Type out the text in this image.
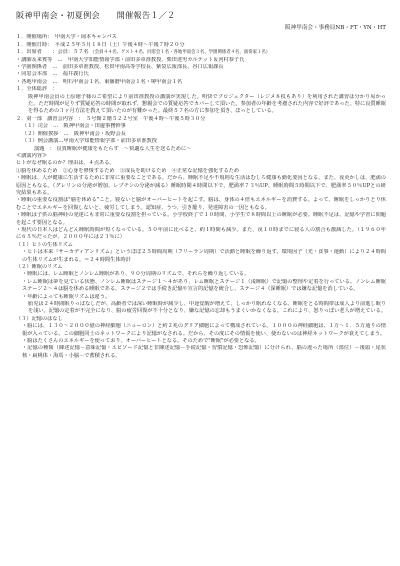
阪神甲南会・初夏例会　　開催報告１／２
阪神甲南会・事務局NB・FT・YN・HT
１．開催場所：　甲南大学・岡本キャンパス
１．開催日時：　平成２５年５月１８日（土）午後４時～午後７時２０分
１．出席者　　：会員：５７名 （会員４４名、ゲスト４名、同窓会１名・各地甲南会３名、学園関係者４名、演奏家１名）
・講師＆来賓等　…　甲南大学知能情報学部・前田多章准教授、柴田達男カルテット＆河村恭子氏
・学園関係者　…　前田多章准教授、松田甲南高等学校長、紫袋広報部長、谷口広報課長
・同窓会本部　…　福井義行氏
・各地甲南会　…　明石甲南会１名、東播磨甲南会１名・堺甲南会１名
１．全体総評　：
阪神甲南会員の上原徳子様のご希望により前田准教授の講演が実現した。明快でプロジェクター（レジメ８枚もあり）を利用された講習は分かり易かった。ただ時間が足りず質疑応答の時間が取れず、懇親会での質疑応答でカバーして頂いた。参加者の年齢を考慮された内容で好評であった。特に良質睡眠を得るための３ヶ月方法を教えて頂いたのが有難かった。最終５７名の方に参加を頂き、ほっとしている。
２．第一部　講習会内容　：　５号館２階５２２号室　午後４時～午後５時３０分
（１）司会　…　阪神甲南会・田邊事務幹事
（２）開催挨拶　…　阪神甲南会・坂野会長
（３）例会講演…甲南大学知能情報学部・前田多章准教授
演題　： 良質睡眠が健康をもたらす　～快適な人生を送るために～
≪講演内容≫
ヒトがなぜ眠るのか？理由は、４点ある。
①脳を休めるため　②心身を修復するため　③成長を助けるため　④正常な記憶を強化するため
・睡眠は、人が健康に生活するために非常に重要なことである。だから、睡眠不足や不規則な生活はむしろ健康も動化要因となる。また、夜更かしは、肥満の原因ともなる。（グレリンの分泌が増加、レプチンの分泌が減る）睡眠時間４時間以下で、肥満率７３％UP、睡眠時間５時間以下で、肥満率５０％UPとの研究結果もある。
・睡眠の重要な役割は"脳を休める"こと。寝ないと脳がオーバーヒートを起こす。脳は、身体の４倍もエネルギーを消費する。よって、睡眠をしっかりとり休むことでエネルギーを回復しないと、疲労してしまう。認知症、うつ、引き籠り、発達障害の一因ともなる。
・睡眠は子供の脳神経の発達にも非常に重要な役割を担っている。小学校終了で１０時間、小学生で８時間以上の睡眠が必要。睡眠不足は、記憶や学習に問題を起こす要因となる。
・現代の日本人はどんどん睡眠時間が短くなっている。５０年前に比べると、約１時間も減少。また、夜１０時までに寝る人の割合も激減した。（１９６０年に６５％だったが、２０００年には２３％に）
（１）ヒトの生体リズム
・ヒトは本来『サーカディアンリズム』というほぼ２５時間周期（フリーラン周期）で活動と睡眠を繰り返す。環境因子（光・食事・運動）により２４時間の生体リズムが生まれる。＝２４時間生体時計
（２）睡眠のリズム
・睡眠には、レム睡眠とノンレム睡眠があり、９０分周期のリズムで、それらを繰り返している。
・レム睡眠は夢を見ている状態、ノンレム睡眠はステージ１～４があり、レム睡眠とステージ１（浅睡眠）で記憶の整理や定着を行っている。ノンレム睡眠ステージ２～４は脳を休める睡眠である。ステージ２では手続き記憶や宣言的記憶を統合し、ステージ４（深睡眠）では嫌な記憶を消している。
・年齢によっても睡眠リズムは違う。
胎児は２４時間眠りっぱなしだが、高齢者では深い睡眠時が減少し、中途覚醒が増えて、しっかり眠れなくなる。睡眠をとる時間帯は成人より前進し眠りを浅い。記憶の定着が不完全になり、脳の疲労回復が不十分となり、嫌な記憶の忘却もうまくいかなくなる。これにより、怒りっぽい老人が増えている。
（３）記憶のはなし
・脳には、１３０～２０００億の神経細胞（ニューロン）と約２兆のグリア細胞によって構成されている。１０００の神経細胞は、１万～１．５万通りの情報が入っている。この細胞同士のネットワークにより記憶がなされる。だから、その度にその情報を使い、使わないのは神経ネットワークが衰えてしまう。
・脳はたくさんのエネルギーを使っており、オーバーヒートとなる。そのためで"睡眠"が必要となる。
・記憶の種類（陳述記憶－意味記憶・エピソード記憶と非陳述記憶－手続記憶・習慣記憶・恐怖記憶）に分けられ、脳の違った場所（部位）－後頭・尾状核・扁桃体・海馬・小脳－で蓄積される。
